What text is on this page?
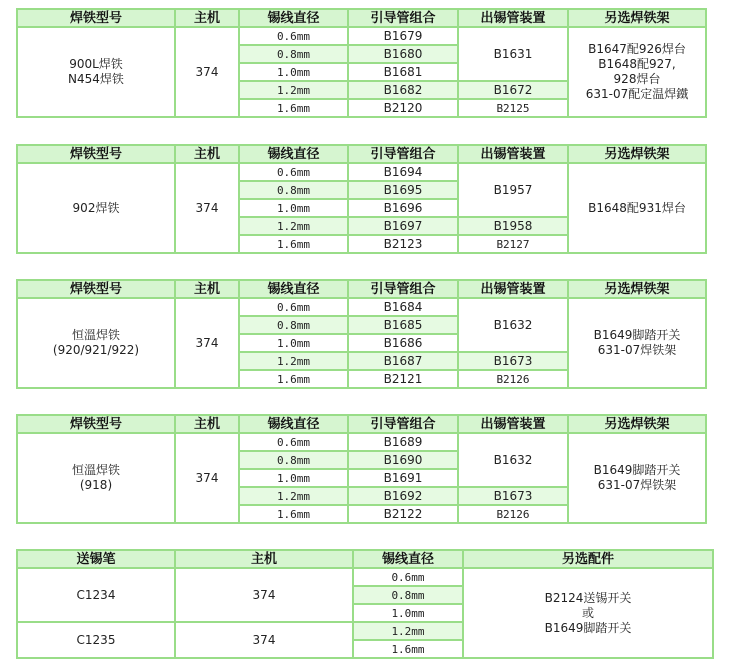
焊铁型号	主机	锡线直径	引导管组合	出锡管装置	另选焊铁架
900L焊铁
N454焊铁	374	0.6mm	B1679	B1631	B1647配926焊台
B1648配927,
928焊台
631-07配定温焊鐵
		0.8mm	B1680		
		1.0mm	B1681		
		1.2mm	B1682	B1672	
		1.6mm	B2120	B2125	
焊铁型号	主机	锡线直径	引导管组合	出锡管装置	另选焊铁架
902焊铁	374	0.6mm	B1694	B1957	B1648配931焊台
		0.8mm	B1695		
		1.0mm	B1696		
		1.2mm	B1697	B1958	
		1.6mm	B2123	B2127	
焊铁型号	主机	锡线直径	引导管组合	出锡管装置	另选焊铁架
恒溫焊铁
(920/921/922)	374	0.6mm	B1684	B1632	B1649脚踏开关
631-07焊铁架
		0.8mm	B1685		
		1.0mm	B1686		
		1.2mm	B1687	B1673	
		1.6mm	B2121	B2126	
焊铁型号	主机	锡线直径	引导管组合	出锡管装置	另选焊铁架
恒溫焊铁
(918)	374	0.6mm	B1689	B1632	B1649脚踏开关
631-07焊铁架
		0.8mm	B1690		
		1.0mm	B1691		
		1.2mm	B1692	B1673	
		1.6mm	B2122	B2126	
送锡笔	主机	锡线直径	另选配件
C1234	374	0.6mm	B2124送锡开关
或
B1649脚踏开关
		0.8mm	
		1.0mm	
C1235	374	1.2mm	
		1.6mm	
